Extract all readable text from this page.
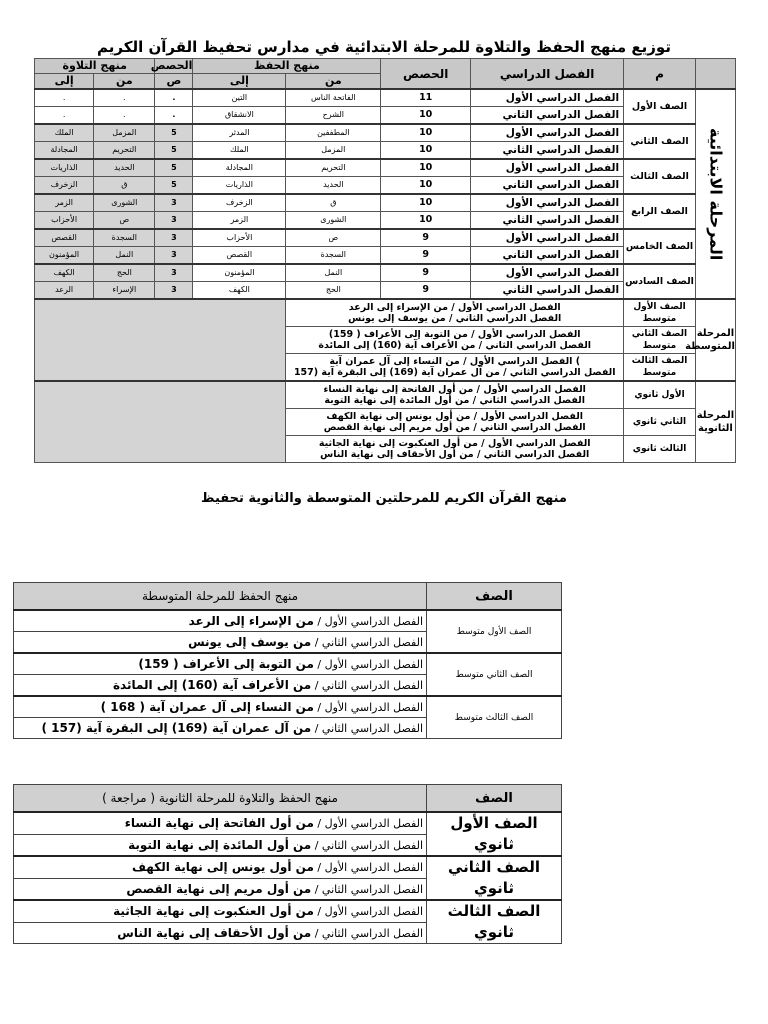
توزيع منهج الحفظ والتلاوة للمرحلة الابتدائية في مدارس تحفيظ القرآن الكريم
	م	الفصل الدراسي	الحصص	منهج الحفظ		الحصص	منهج التلاوة	
				من	إلى	ص	من	إلى
المرحلة الابتدائية	الصف الأول	الفصل الدراسي الأول	11	الفاتحة الناس	التين	.	.	.
		الفصل الدراسي الثاني	10	الشرح	الانشقاق	.	.	.
	الصف الثاني	الفصل الدراسي الأول	10	المطففين	المدثر	5	المزمل	الملك
		الفصل الدراسي الثاني	10	المزمل	الملك	5	التحريم	المجادلة
	الصف الثالث	الفصل الدراسي الأول	10	التحريم	المجادلة	5	الحديد	الذاريات
		الفصل الدراسي الثاني	10	الحديد	الذاريات	5	ق	الزخرف
	الصف الرابع	الفصل الدراسي الأول	10	ق	الزخرف	3	الشورى	الزمر
		الفصل الدراسي الثاني	10	الشورى	الزمر	3	ص	الأحزاب
	الصف الخامس	الفصل الدراسي الأول	9	ص	الأحزاب	3	السجدة	القصص
		الفصل الدراسي الثاني	9	السجدة	القصص	3	النمل	المؤمنون
	الصف السادس	الفصل الدراسي الأول	9	النمل	المؤمنون	3	الحج	الكهف
		الفصل الدراسي الثاني	9	الحج	الكهف	3	الإسراء	الرعد
المرحلة المتوسطة	الصف الأول متوسط	الفصل الدراسي الأول / من الإسراء إلى الرعد
الفصل الدراسي الثاني / من يوسف إلى يونس						

	الصف الثاني متوسط	الفصل الدراسي الأول / من التوبة إلى الأعراف ( 159)
الفصل الدراسي الثاني / من الأعراف آية (160) إلى المائدة						

	الصف الثالث متوسط	) الفصل الدراسي الأول / من النساء إلى آل عمران آية
الفصل الدراسي الثاني / من آل عمران آية (169) إلى البقرة آية (157						

المرحلة الثانوية	الأول ثانوي	الفصل الدراسي الأول / من أول الفاتحة إلى نهاية النساء
الفصل الدراسي الثاني / من أول المائدة إلى نهاية التوبة						

	الثاني ثانوي	الفصل الدراسي الأول / من أول يونس إلى نهاية الكهف
الفصل الدراسي الثاني / من أول مريم إلى نهاية القصص						

	الثالث ثانوي	الفصل الدراسي الأول / من أول العنكبوت إلى نهاية الجاثية
الفصل الدراسي الثاني / من أول الأحقاف إلى نهاية الناس						
منهج القرآن الكريم للمرحلتين المتوسطة والثانوية تحفيظ
الصف	منهج الحفظ للمرحلة المتوسطة
الصف الأول متوسط	الفصل الدراسي الأول / من الإسراء إلى الرعد
	الفصل الدراسي الثاني / من يوسف إلى يونس
الصف الثاني متوسط	الفصل الدراسي الأول / من التوبة إلى الأعراف ( 159)
	الفصل الدراسي الثاني / من الأعراف آية (160) إلى المائدة
الصف الثالث متوسط	الفصل الدراسي الأول / من النساء إلى آل عمران آية ( 168 )
	الفصل الدراسي الثاني / من آل عمران آية (169) إلى البقرة آية (157 )
الصف	منهج الحفظ والتلاوة للمرحلة الثانوية ( مراجعة )
الصف الأول ثانوي	الفصل الدراسي الأول / من أول الفاتحة إلى نهاية النساء
	الفصل الدراسي الثاني / من أول المائدة إلى نهاية التوبة
الصف الثاني ثانوي	الفصل الدراسي الأول / من أول يونس إلى نهاية الكهف
	الفصل الدراسي الثاني / من أول مريم إلى نهاية القصص
الصف الثالث ثانوي	الفصل الدراسي الأول / من أول العنكبوت إلى نهاية الجاثية
	الفصل الدراسي الثاني / من أول الأحقاف إلى نهاية الناس
